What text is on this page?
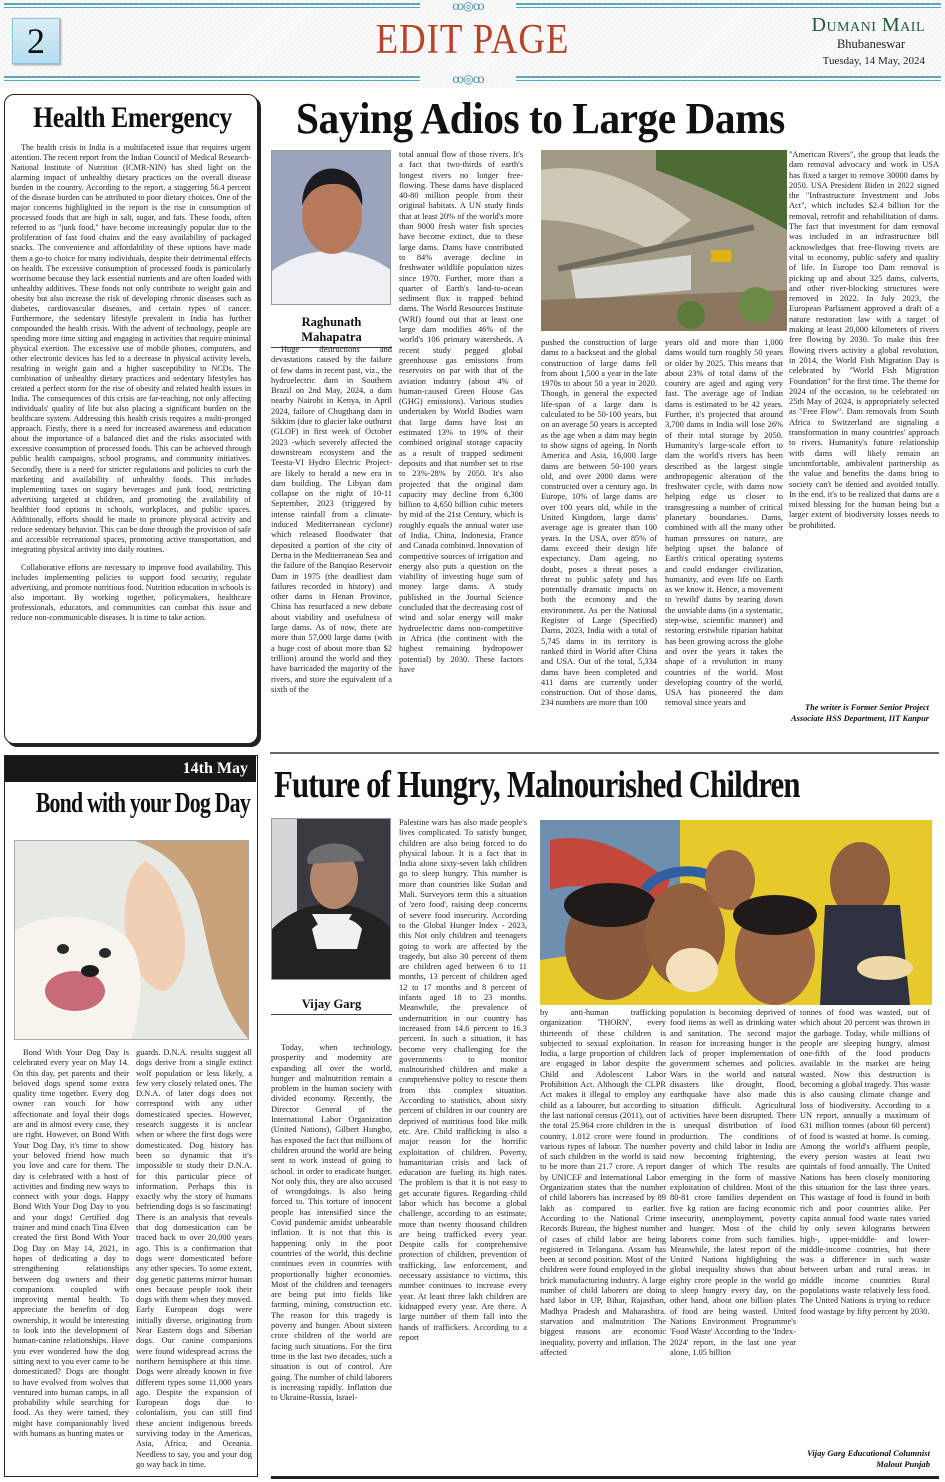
ꝏ◎ꝏ
2	EDIT PAGE	Dumani Mail
Bhubaneswar
Tuesday, 14 May, 2024
ꝏ◎ꝏ
Health Emergency

The health crisis in India is a multifaceted issue that requires urgent attention. The recent report from the Indian Council of Medical Research-National Institute of Nutrition (ICMR-NIN) has shed light on the alarming impact of unhealthy dietary practices on the overall disease burden in the country. According to the report, a staggering 56.4 percent of the disease burden can be attributed to poor dietary choices. One of the major concerns highlighted in the report is the rise in consumption of processed foods that are high in salt, sugar, and fats. These foods, often referred to as "junk food," have become increasingly popular due to the proliferation of fast food chains and the easy availability of packaged snacks. The convenience and affordability of these options have made them a go-to choice for many individuals, despite their detrimental effects on health. The excessive consumption of processed foods is particularly worrisome because they lack essential nutrients and are often loaded with unhealthy additives. These foods not only contribute to weight gain and obesity but also increase the risk of developing chronic diseases such as diabetes, cardiovascular diseases, and certain types of cancer. Furthermore, the sedentary lifestyle prevalent in India has further compounded the health crisis. With the advent of technology, people are spending more time sitting and engaging in activities that require minimal physical exertion. The excessive use of mobile phones, computers, and other electronic devices has led to a decrease in physical activity levels, resulting in weight gain and a higher susceptibility to NCDs. The combination of unhealthy dietary practices and sedentary lifestyles has created a perfect storm for the rise of obesity and related health issues in India. The consequences of this crisis are far-reaching, not only affecting individuals' quality of life but also placing a significant burden on the healthcare system. Addressing this health crisis requires a multi-pronged approach. Firstly, there is a need for increased awareness and education about the importance of a balanced diet and the risks associated with excessive consumption of processed foods. This can be achieved through public health campaigns, school programs, and community initiatives. Secondly, there is a need for stricter regulations and policies to curb the marketing and availability of unhealthy foods. This includes implementing taxes on sugary beverages and junk food, restricting advertising targeted at children, and promoting the availability of healthier food options in schools, workplaces, and public spaces. Additionally, efforts should be made to promote physical activity and reduce sedentary behavior. This can be done through the provision of safe and accessible recreational spaces, promoting active transportation, and integrating physical activity into daily routines.

Collaborative efforts are necessary to improve food availability. This includes implementing policies to support food security, regulate advertising, and promote nutritious food. Nutrition education in schools is also important. By working together, policymakers, healthcare professionals, educators, and communities can combat this issue and reduce non-communicable diseases. It is time to take action.

14th May
Bond with your Dog Day

Bond With Your Dog Day is celebrated every year on May 14. On this day, pet parents and their beloved dogs spend some extra quality time together. Every dog owner can vouch for how affectionate and loyal their dogs are and in almost every case, they are right. However, on Bond With Your Dog Day, it's time to show your beloved friend how much you love and care for them. The day is celebrated with a host of activities and finding new ways to connect with your dogs. Happy Bond With Your Dog Day to you and your dogs! Certified dog trainer and mind coach Tina Elven created the first Bond With Your Dog Day on May 14, 2021, in hopes of dedicating a day to strengthening relationships between dog owners and their companions coupled with improving mental health. To appreciate the benefits of dog ownership, it would be interesting to look into the development of human-canine relationships. Have you ever wondered how the dog sitting next to you ever came to be domesticated? Dogs are thought to have evolved from wolves that ventured into human camps, in all probability while searching for food. As they were tamed, they might have companionably lived with humans as hunting mates or

guards. D.N.A. results suggest all dogs derive from a single extinct wolf population or less likely, a few very closely related ones. The D.N.A. of later dogs does not correspond with any other domesticated species. However, research suggests it is unclear when or where the first dogs were domesticated. Dog history has been so dynamic that it's impossible to study their D.N.A. for this particular piece of information. Perhaps this is exactly why the story of humans befriending dogs is so fascinating! There is an analysis that reveals that dog domestication can be traced back to over 20,000 years ago. This is a confirmation that dogs were domesticated before any other species. To some extent, dog genetic patterns mirror human ones because people took their dogs with them when they moved. Early European dogs were initially diverse, originating from Near Eastern dogs and Siberian dogs. Our canine companions were found widespread across the northern hemisphere at this time. Dogs were already known in five different types some 11,000 years ago. Despite the expansion of European dogs due to colonialism, you can still find these ancient indigenous breeds surviving today in the Americas, Asia, Africa, and Oceania. Needless to say, you and your dog go way back in time.

Saying Adios to Large Dams
Raghunath Mahapatra

Huge destructions and devastations caused by the failure of few dams in recent past, viz., the hydroelectric dam in Southern Brazil on 2nd May, 2024, a dam nearby Nairobi in Kenya, in April 2024, failure of Chugthang dam in Sikkim (due to glacier lake outburst (GLOF) in first week of October 2023 -which severely affected the downstream ecosystem and the Teesta-VI Hydro Electric Project- are likely to herald a new era in dam building. The Libyan dam collapse on the night of 10-11 September, 2023 (triggered by intense rainfall from a climate-induced Mediterranean cyclone) which released floodwater that deposited a portion of the city of Derna in the Mediterranean Sea and the failure of the Banqiao Reservoir Dam in 1975 (the deadliest dam failures recorded in history) and other dams in Henan Province, China has resurfaced a new debate about viability and usefulness of large dams. As of now, there are more than 57,000 large dams (with a huge cost of about more than $2 trillion) around the world and they have barricaded the majority of the rivers, and store the equivalent of a sixth of the

total annual flow of those rivers. It's a fact that two-thirds of earth's longest rivers no longer free-flowing. These dams have displaced 40-80 million people from their original habitats. A UN study finds that at least 20% of the world's more than 9000 fresh water fish species have become extinct, due to these large dams. Dams have contributed to 84% average decline in freshwater wildlife population sizes since 1970. Further, more than a quarter of Earth's land-to-ocean sediment flux is trapped behind dams. The World Resources Institute (WRI) found out that at least one large dam modifies 46% of the world's 106 primary watersheds. A recent study pegged global greenhouse gas emissions from reservoirs on par with that of the aviation industry (about 4% of human-caused Green House Gas (GHG) emissions). Various studies undertaken by World Bodies warn that large dams have lost an estimated 13% to 19% of their combined original storage capacity as a result of trapped sediment deposits and that number set to rise to 23%-28% by 2050. It's also projected that the original dam capacity may decline from 6,300 billion to 4,650 billion cubic meters by mid of the 21st Century, which is roughly equals the annual water use of India, China, Indonesia, France and Canada combined. Innovation of competitive sources of irrigation and energy also puts a question on the viability of investing huge sum of money large dams. A study published in the Journal Science concluded that the decreasing cost of wind and solar energy will make hydroelectric dams non-competitive in Africa (the continent with the highest remaining hydropower potential) by 2030. These factors have

pushed the construction of large dams to a backseat and the global construction of large dams fell from about 1,500 a year in the late 1970s to about 50 a year in 2020. Though, in general the expected life-span of a large dam is calculated to be 50-100 years, but on an average 50 years is accepted as the age when a dam may begin to show signs of ageing. In North America and Asia, 16,000 large dams are between 50-100 years old, and over 2000 dams were constructed over a century ago. In Europe, 10% of large dams are over 100 years old, while in the United Kingdom, large dams' average age is greater than 100 years. In the USA, over 85% of dams exceed their design life expectancy. Dam ageing, no doubt, poses a threat poses a threat to public safety and has potentially dramatic impacts on both the economy and the environment. As per the National Register of Large (Specified) Dams, 2023, India with a total of 5,745 dams in its territory is ranked third in World after China and USA. Out of the total, 5,334 dams have been completed and 411 dams are currently under construction. Out of those dams, 234 numbers are more than 100

years old and more than 1,000 dams would turn roughly 50 years or older by 2025. This means that about 23% of total dams of the country are aged and aging very fast. The average age of Indian dams is estimated to be 42 years. Further, it's projected that around 3,700 dams in India will lose 26% of their total storage by 2050. Humanity's large-scale effort to dam the world's rivers has been described as the largest single anthropogenic alteration of the freshwater cycle, with dams now helping edge us closer to transgressing a number of critical planetary boundaries. Dams, combined with all the many other human pressures on nature, are helping upset the balance of Earth's critical operating systems and could endanger civilization, humanity, and even life on Earth as we know it. Hence, a movement to 'rewild' dams by tearing down the unviable dams (in a systematic, step-wise, scientific manner) and restoring erstwhile riparian habitat has been growing across the globe and over the years it takes the shape of a revolution in many countries of the world. Most developing country of the world, USA has pioneered the dam removal since years and

"American Rivers", the group that leads the dam removal advocacy and work in USA has fixed a target to remove 30000 dams by 2050. USA President Biden in 2022 signed the "Infrastructure Investment and Jobs Act", which includes $2.4 billion for the removal, retrofit and rehabilitation of dams. The fact that investment for dam removal was included in an infrastructure bill acknowledges that free-flowing rivers are vital to economy, public safety and quality of life. In Europe too Dam removal is picking up and about 325 dams, culverts, and other river-blocking structures were removed in 2022. In July 2023, the European Parliament approved a draft of a nature restoration law with a target of making at least 20,000 kilometers of rivers free flowing by 2030. To make this free flowing rivers activity a global revolution, in 2014, the World Fish Migration Day is celebrated by "World Fish Migration Foundation" for the first time. The theme for 2024 of the occasion, to be celebrated on 25th May of 2024, is appropriately selected as "Free Flow". Dam removals from South Africa to Switzerland are signaling a transformation in many countries' approach to rivers. Humanity's future relationship with dams will likely remain an uncomfortable, ambivalent partnership as the value and benefits the dams bring to society can't be denied and avoided totally. In the end, it's to be realized that dams are a mixed blessing for the human being but a larger extent of biodiversity losses needs to be prohibited.

The writer is Former Senior Project Associate HSS Department, IIT Kanpur
Future of Hungry, Malnourished Children
Vijay Garg

Today, when technology, prosperity and modernity are expanding all over the world, hunger and malnutrition remain a problem in the human society with divided economy. Recently, the Director General of the International Labor Organization (United Nations), Gilbert Hungbo, has exposed the fact that millions of children around the world are being sent to work instead of going to school. in order to eradicate hunger. Not only this, they are also accused of wrongdoings. Is also being forced to. This torture of innocent people has intensified since the Covid pandemic amidst unbearable inflation. It is not that this is happening only in the poor countries of the world, this decline continues even in countries with proportionally higher economies. Most of the children and teenagers are being put into fields like farming, mining, construction etc. The reason for this tragedy is poverty and hunger. About sixteen crore children of the world are facing such situations. For the first time in the last two decades, such a situation is out of control. Are going. The number of child laborers is increasing rapidly. Inflation due to Ukraine-Russia, Israel-

Palestine wars has also made people's lives complicated. To satisfy hunger, children are also being forced to do physical labour. It is a fact that in India alone sixty-seven lakh children go to sleep hungry. This number is more than countries like Sudan and Mali. Surveyors term this a situation of 'zero food', raising deep concerns of severe food insecurity. According to the Global Hunger Index - 2023, this Not only children and teenagers going to work are affected by the tragedy, but also 30 percent of them are children aged between 6 to 11 months, 13 percent of children aged 12 to 17 months and 8 percent of infants aged 18 to 23 months. Meanwhile, the prevalence of undernutrition in our country has increased from 14.6 percent to 16.3 percent. In such a situation, it has become very challenging for the governments to monitor malnourished children and make a comprehensive policy to rescue them from this complex situation. According to statistics, about sixty percent of children in our country are deprived of nutritious food like milk etc. Are. Child trafficking is also a major reason for the horrific exploitation of children. Poverty, humanitarian crisis and lack of education are fueling its high rates. The problem is that it is not easy to get accurate figures. Regarding child labor which has become a global challenge, according to an estimate, more than twenty thousand children are being trafficked every year. Despite calls for comprehensive protection of children, prevention of trafficking, law enforcement, and necessary assistance to victims, this number continues to increase every year. At least three lakh children are kidnapped every year. Are there. A large number of them fall into the hands of traffickers. According to a report

by anti-human trafficking organization 'THORN', every thirteenth of these children is subjected to sexual exploitation. In India, a large proportion of children are engaged in labor despite the Child and Adolescent Labor Prohibition Act. Although the CLPR Act makes it illegal to employ any child as a labourer, but according to the last national census (2011), out of the total 25.964 crore children in the country, 1.012 crore were found in various types of labour. The number of such children in the world is said to be more than 21.7 crore. A report by UNICEF and International Labor Organization states that the number of child laborers has increased by 89 lakh as compared to earlier. According to the National Crime Records Bureau, the highest number of cases of child labor are being registered in Telangana. Assam has been at second position. Most of the children were found employed in the brick manufacturing industry. A large number of child laborers are doing hard labor in UP, Bihar, Rajasthan, Madhya Pradesh and Maharashtra. starvation and malnutrition The biggest reasons are economic inequality, poverty and inflation. The affected

population is becoming deprived of food items as well as drinking water and sanitation. The second major reason for increasing hunger is the lack of proper implementation of government schemes and policies. Wars in the world and natural disasters like drought, flood, earthquake have also made this situation difficult. Agricultural activities have been disrupted. There is unequal distribution of food production. The conditions of poverty and child labor in India are now becoming frightening, the danger of which The results are emerging in the form of massive exploitation of children. Most of the 80-81 crore families dependent on five kg ration are facing economic insecurity, unemployment, poverty and hunger. Most of the child laborers come from such families. Meanwhile, the latest report of the United Nations highlighting the global inequality shows that about eighty crore people in the world go to sleep hungry every day, on the other hand, about one billion plates of food are being wasted. United Nations Environment Programme's 'Food Waste' According to the 'Index-2024' report, in the last one year alone, 1.05 billion

tonnes of food was wasted, out of which about 20 percent was thrown in the garbage. Today, while millions of people are sleeping hungry, almost one-fifth of the food products available in the market are being wasted. Now this destruction is becoming a global tragedy. This waste is also causing climate change and loss of biodiversity. According to a UN report, annually a maximum of 631 million tonnes (about 60 percent) of food is wasted at home. Is coming. Among the world's affluent people, every person wastes at least two quintals of food annually. The United Nations has been closely monitoring this situation for the last three years. This wastage of food is found in both rich and poor countries alike. Per capita annual food waste rates varied by only seven kilograms between high-, upper-middle- and lower-middle-income countries, but there was a difference in such waste between urban and rural areas. in middle income countries Rural populations waste relatively less food. The United Nations is trying to reduce food wastage by fifty percent by 2030.

Vijay Garg Educational Columnist Malout Punjab
